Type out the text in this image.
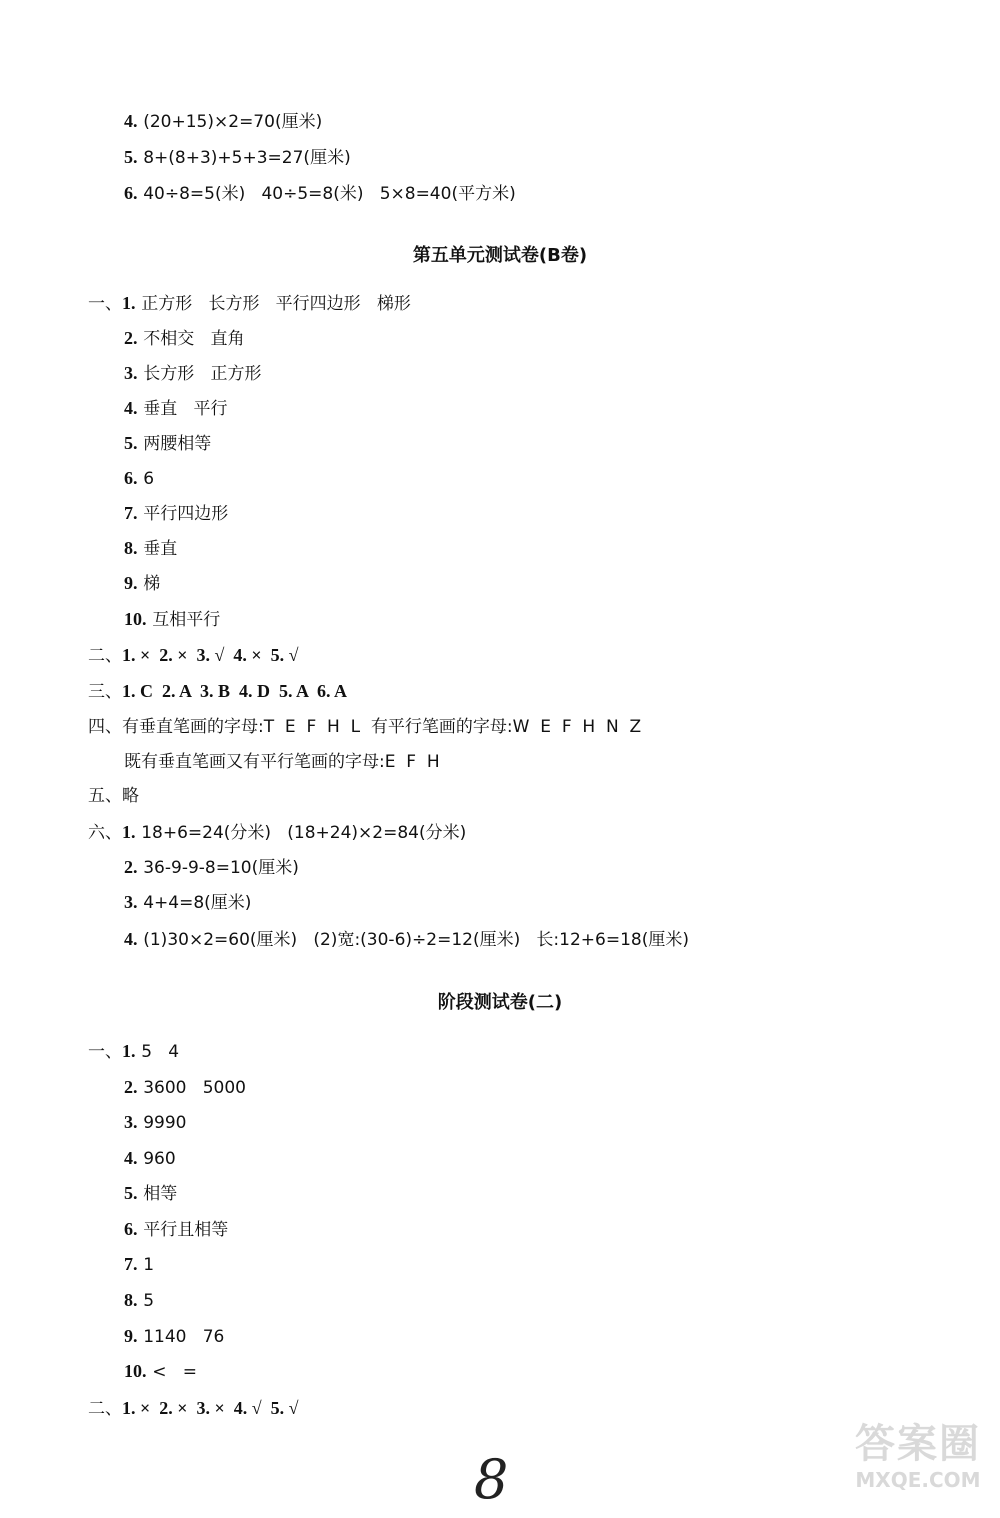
4. (20+15)×2=70(厘米)
5. 8+(8+3)+5+3=27(厘米)
6. 40÷8=5(米)   40÷5=8(米)   5×8=40(平方米)
第五单元测试卷(B卷)
一、1. 正方形   长方形   平行四边形   梯形
2. 不相交   直角
3. 长方形   正方形
4. 垂直   平行
5. 两腰相等
6. 6
7. 平行四边形
8. 垂直
9. 梯
10. 互相平行
二、1. ×  2. ×  3. √  4. ×  5. √
三、1. C  2. A  3. B  4. D  5. A  6. A
四、有垂直笔画的字母:T  E  F  H  L  有平行笔画的字母:W  E  F  H  N  Z
既有垂直笔画又有平行笔画的字母:E  F  H
五、略
六、1. 18+6=24(分米)   (18+24)×2=84(分米)
2. 36-9-9-8=10(厘米)
3. 4+4=8(厘米)
4. (1)30×2=60(厘米)   (2)宽:(30-6)÷2=12(厘米)   长:12+6=18(厘米)
阶段测试卷(二)
一、1. 5   4
2. 3600   5000
3. 9990
4. 960
5. 相等
6. 平行且相等
7. 1
8. 5
9. 1140   76
10. <   =
二、1. ×  2. ×  3. ×  4. √  5. √
8
答案圈
MXQE.COM
